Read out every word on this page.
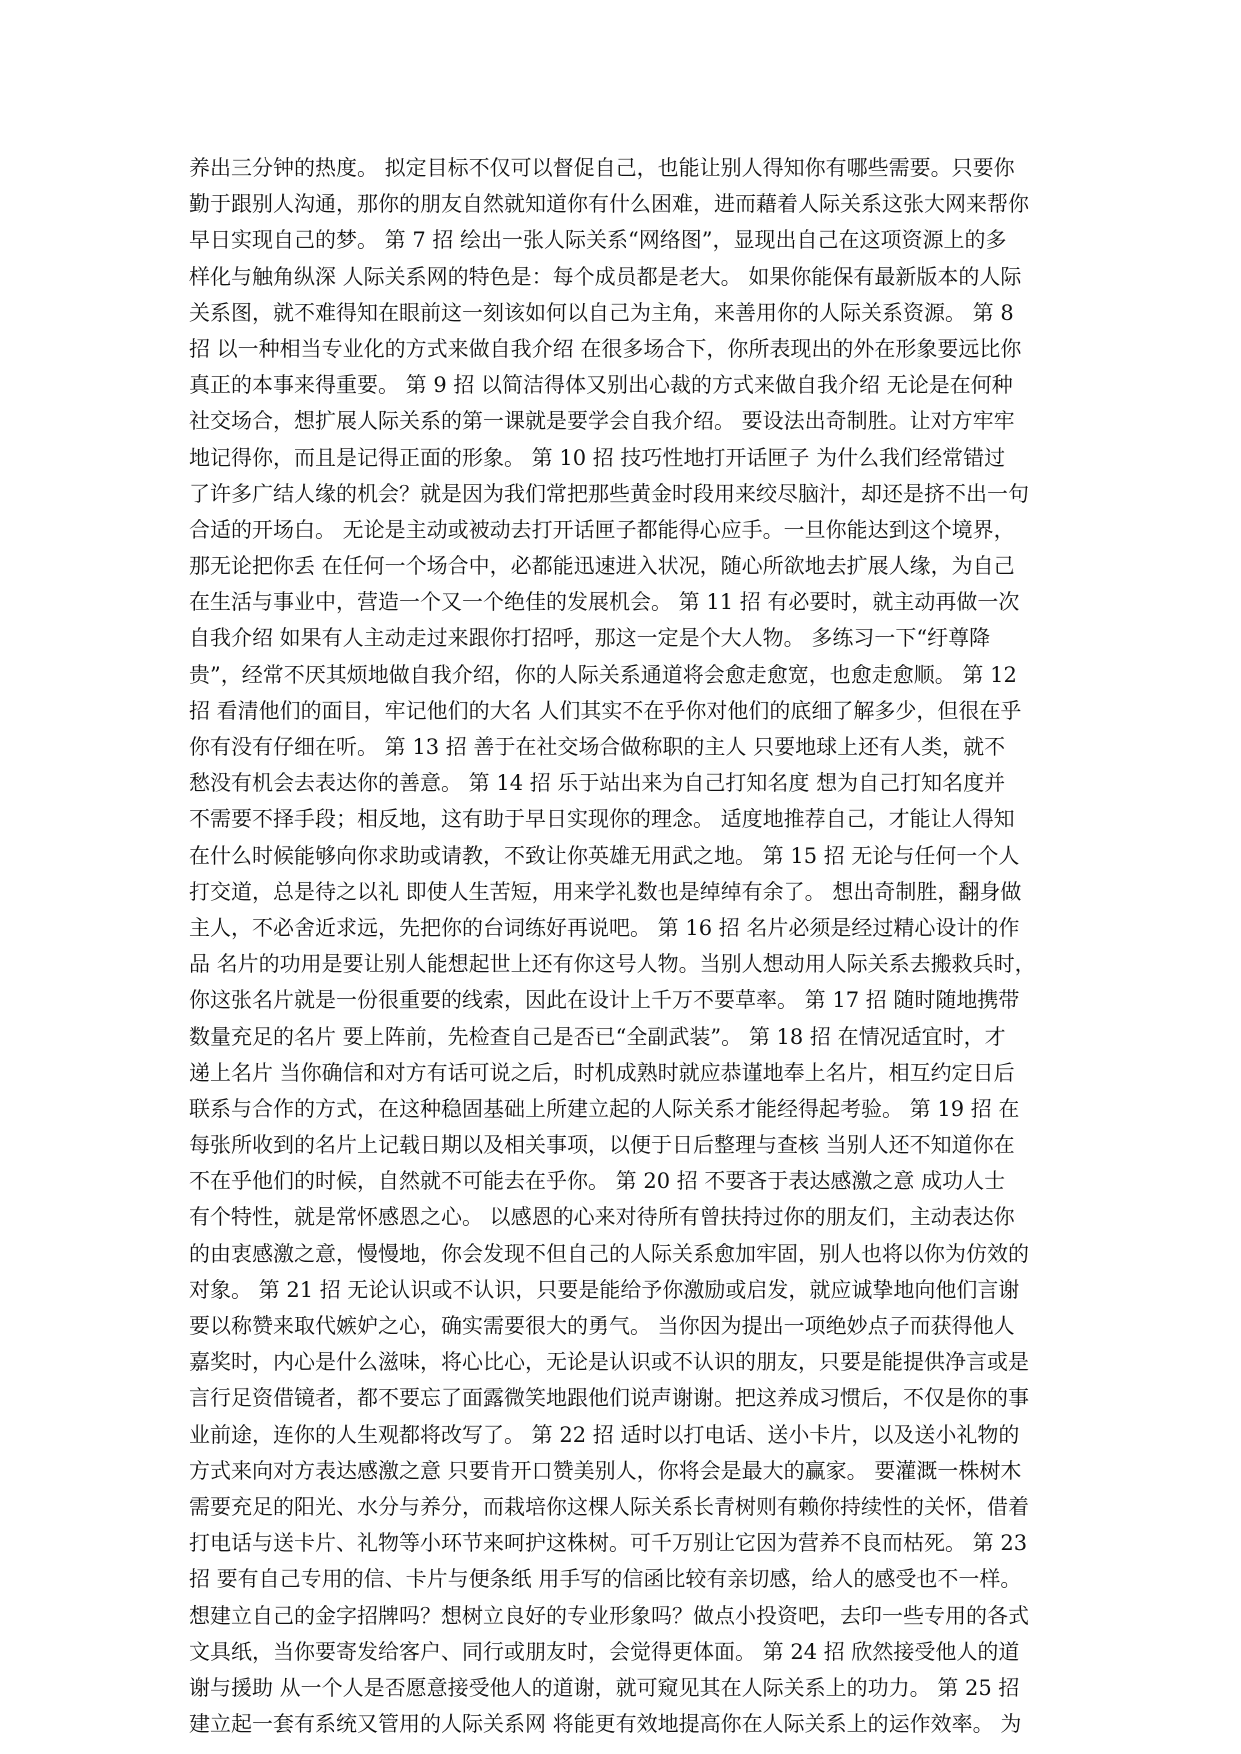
养出三分钟的热度。 拟定目标不仅可以督促自己，也能让别人得知你有哪些需要。只要你
勤于跟别人沟通，那你的朋友自然就知道你有什么困难，进而藉着人际关系这张大网来帮你
早日实现自己的梦。 第 7 招 绘出一张人际关系“网络图”，显现出自己在这项资源上的多
样化与触角纵深 人际关系网的特色是：每个成员都是老大。 如果你能保有最新版本的人际
关系图，就不难得知在眼前这一刻该如何以自己为主角，来善用你的人际关系资源。 第 8
招 以一种相当专业化的方式来做自我介绍 在很多场合下，你所表现出的外在形象要远比你
真正的本事来得重要。 第 9 招 以简洁得体又别出心裁的方式来做自我介绍 无论是在何种
社交场合，想扩展人际关系的第一课就是要学会自我介绍。 要设法出奇制胜。让对方牢牢
地记得你，而且是记得正面的形象。 第 10 招 技巧性地打开话匣子 为什么我们经常错过
了许多广结人缘的机会？就是因为我们常把那些黄金时段用来绞尽脑汁，却还是挤不出一句
合适的开场白。 无论是主动或被动去打开话匣子都能得心应手。一旦你能达到这个境界，
那无论把你丢 在任何一个场合中，必都能迅速进入状况，随心所欲地去扩展人缘，为自己
在生活与事业中，营造一个又一个绝佳的发展机会。 第 11 招 有必要时，就主动再做一次
自我介绍 如果有人主动走过来跟你打招呼，那这一定是个大人物。 多练习一下“纡尊降
贵”，经常不厌其烦地做自我介绍，你的人际关系通道将会愈走愈宽，也愈走愈顺。 第 12
招 看清他们的面目，牢记他们的大名 人们其实不在乎你对他们的底细了解多少，但很在乎
你有没有仔细在听。 第 13 招 善于在社交场合做称职的主人 只要地球上还有人类，就不
愁没有机会去表达你的善意。 第 14 招 乐于站出来为自己打知名度 想为自己打知名度并
不需要不择手段；相反地，这有助于早日实现你的理念。 适度地推荐自己，才能让人得知
在什么时候能够向你求助或请教，不致让你英雄无用武之地。 第 15 招 无论与任何一个人
打交道，总是待之以礼 即使人生苦短，用来学礼数也是绰绰有余了。 想出奇制胜，翻身做
主人，不必舍近求远，先把你的台词练好再说吧。 第 16 招 名片必须是经过精心设计的作
品 名片的功用是要让别人能想起世上还有你这号人物。当别人想动用人际关系去搬救兵时，
你这张名片就是一份很重要的线索，因此在设计上千万不要草率。 第 17 招 随时随地携带
数量充足的名片 要上阵前，先检查自己是否已“全副武装”。 第 18 招 在情况适宜时，才
递上名片 当你确信和对方有话可说之后，时机成熟时就应恭谨地奉上名片，相互约定日后
联系与合作的方式，在这种稳固基础上所建立起的人际关系才能经得起考验。 第 19 招 在
每张所收到的名片上记载日期以及相关事项，以便于日后整理与查核 当别人还不知道你在
不在乎他们的时候，自然就不可能去在乎你。 第 20 招 不要吝于表达感激之意 成功人士
有个特性，就是常怀感恩之心。 以感恩的心来对待所有曾扶持过你的朋友们，主动表达你
的由衷感激之意，慢慢地，你会发现不但自己的人际关系愈加牢固，别人也将以你为仿效的
对象。 第 21 招 无论认识或不认识，只要是能给予你激励或启发，就应诚挚地向他们言谢
要以称赞来取代嫉妒之心，确实需要很大的勇气。 当你因为提出一项绝妙点子而获得他人
嘉奖时，内心是什么滋味，将心比心，无论是认识或不认识的朋友，只要是能提供净言或是
言行足资借镜者，都不要忘了面露微笑地跟他们说声谢谢。把这养成习惯后，不仅是你的事
业前途，连你的人生观都将改写了。 第 22 招 适时以打电话、送小卡片，以及送小礼物的
方式来向对方表达感激之意 只要肯开口赞美别人，你将会是最大的赢家。 要灌溉一株树木
需要充足的阳光、水分与养分，而栽培你这棵人际关系长青树则有赖你持续性的关怀，借着
打电话与送卡片、礼物等小环节来呵护这株树。可千万别让它因为营养不良而枯死。 第 23
招 要有自己专用的信、卡片与便条纸 用手写的信函比较有亲切感，给人的感受也不一样。
想建立自己的金字招牌吗？想树立良好的专业形象吗？做点小投资吧，去印一些专用的各式
文具纸，当你要寄发给客户、同行或朋友时，会觉得更体面。 第 24 招 欣然接受他人的道
谢与援助 从一个人是否愿意接受他人的道谢，就可窥见其在人际关系上的功力。 第 25 招
建立起一套有系统又管用的人际关系网 将能更有效地提高你在人际关系上的运作效率。 为
